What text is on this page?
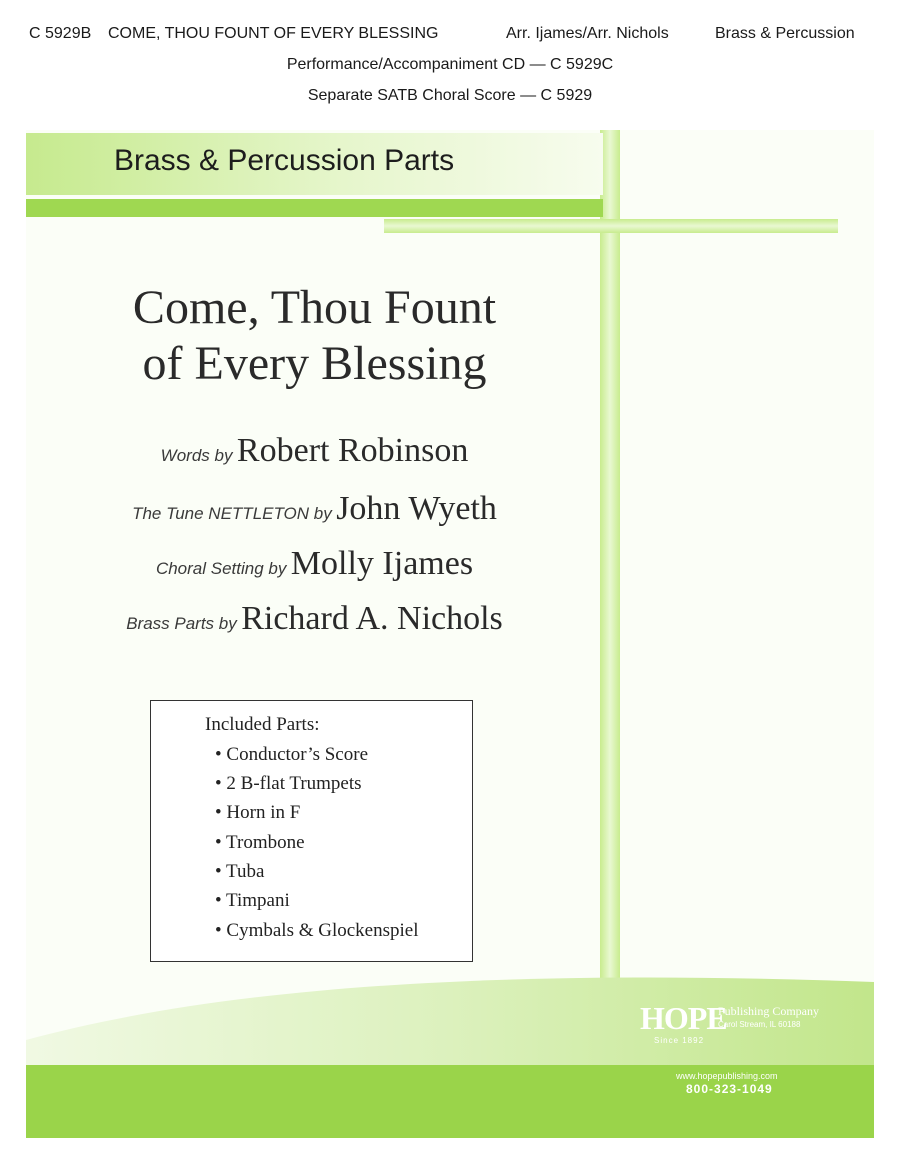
C 5929B COME, THOU FOUNT OF EVERY BLESSING	Arr. Ijames/Arr. Nichols	Brass & Percussion
Performance/Accompaniment CD — C 5929C
Separate SATB Choral Score — C 5929
Brass & Percussion Parts
Come, Thou Fount
of Every Blessing
Words by Robert Robinson
The Tune NETTLETON by John Wyeth
Choral Setting by Molly Ijames
Brass Parts by Richard A. Nichols
Included Parts:
• Conductor’s Score
• 2 B-flat Trumpets
• Horn in F
• Trombone
• Tuba
• Timpani
• Cymbals & Glockenspiel
HOPE
Publishing Company
Carol Stream, IL 60188
Since 1892
www.hopepublishing.com
800-323-1049
